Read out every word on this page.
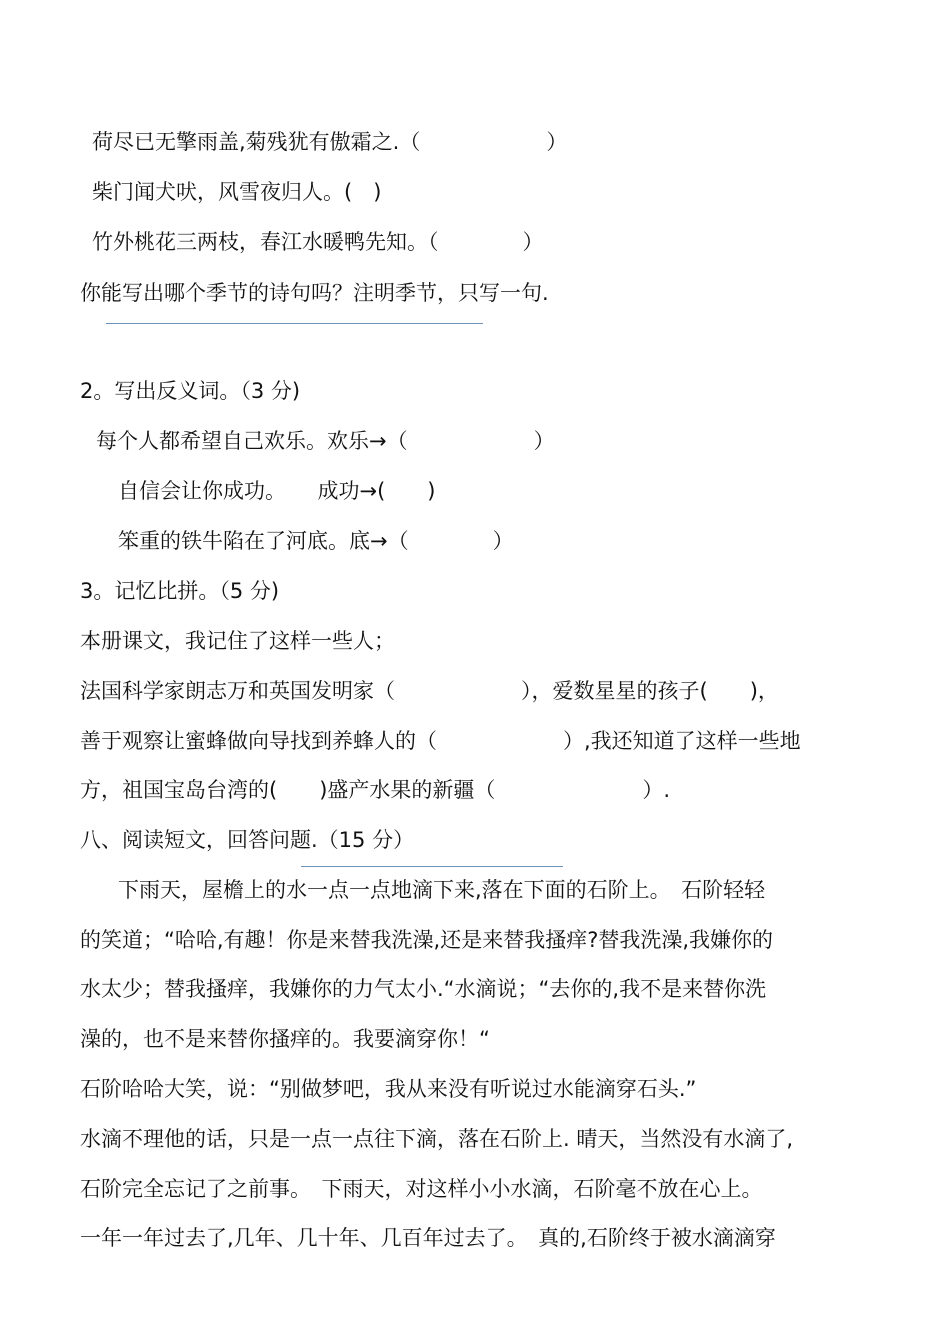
荷尽已无擎雨盖,菊残犹有傲霜之.（　　　　　　）
柴门闻犬吠，风雪夜归人。(　)
竹外桃花三两枝，春江水暖鸭先知。（　　　　）
你能写出哪个季节的诗句吗？注明季节，只写一句.
2。写出反义词。（3 分)
每个人都希望自己欢乐。欢乐→（　　　　　　）
自信会让你成功。　　成功→(　　)
笨重的铁牛陷在了河底。底→（　　　　）
3。记忆比拼。（5 分)
本册课文，我记住了这样一些人；
法国科学家朗志万和英国发明家（　　　　　　），爱数星星的孩子(　　)，
善于观察让蜜蜂做向导找到养蜂人的（　　　　　　）,我还知道了这样一些地
方，祖国宝岛台湾的(　　)盛产水果的新疆（　　　　　　　）.
八、阅读短文，回答问题.（15 分）
下雨天，屋檐上的水一点一点地滴下来,落在下面的石阶上。　石阶轻轻
的笑道；“哈哈,有趣！你是来替我洗澡,还是来替我搔痒?替我洗澡,我嫌你的
水太少；替我搔痒，我嫌你的力气太小.“水滴说；“去你的,我不是来替你洗
澡的，也不是来替你搔痒的。我要滴穿你！“
石阶哈哈大笑，说：“别做梦吧，我从来没有听说过水能滴穿石头.”
水滴不理他的话，只是一点一点往下滴，落在石阶上. 晴天，当然没有水滴了,
石阶完全忘记了之前事。　下雨天，对这样小小水滴，石阶毫不放在心上。
一年一年过去了,几年、几十年、几百年过去了。　真的,石阶终于被水滴滴穿
